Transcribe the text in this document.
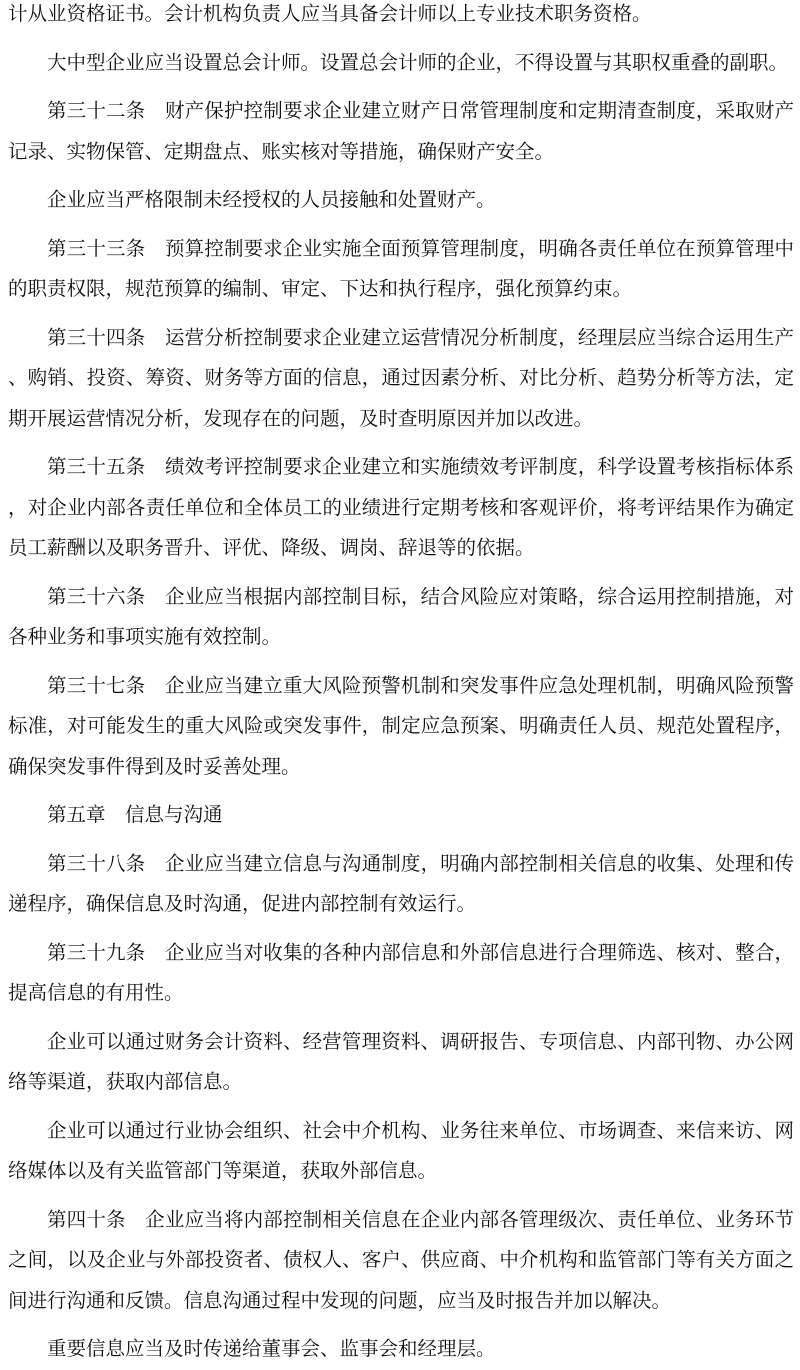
计从业资格证书。会计机构负责人应当具备会计师以上专业技术职务资格。

大中型企业应当设置总会计师。设置总会计师的企业，不得设置与其职权重叠的副职。

第三十二条　财产保护控制要求企业建立财产日常管理制度和定期清查制度，采取财产记录、实物保管、定期盘点、账实核对等措施，确保财产安全。

企业应当严格限制未经授权的人员接触和处置财产。

第三十三条　预算控制要求企业实施全面预算管理制度，明确各责任单位在预算管理中的职责权限，规范预算的编制、审定、下达和执行程序，强化预算约束。

第三十四条　运营分析控制要求企业建立运营情况分析制度，经理层应当综合运用生产、购销、投资、筹资、财务等方面的信息，通过因素分析、对比分析、趋势分析等方法，定期开展运营情况分析，发现存在的问题，及时查明原因并加以改进。

第三十五条　绩效考评控制要求企业建立和实施绩效考评制度，科学设置考核指标体系，对企业内部各责任单位和全体员工的业绩进行定期考核和客观评价，将考评结果作为确定员工薪酬以及职务晋升、评优、降级、调岗、辞退等的依据。

第三十六条　企业应当根据内部控制目标，结合风险应对策略，综合运用控制措施，对各种业务和事项实施有效控制。

第三十七条　企业应当建立重大风险预警机制和突发事件应急处理机制，明确风险预警标准，对可能发生的重大风险或突发事件，制定应急预案、明确责任人员、规范处置程序，确保突发事件得到及时妥善处理。

第五章　信息与沟通

第三十八条　企业应当建立信息与沟通制度，明确内部控制相关信息的收集、处理和传递程序，确保信息及时沟通，促进内部控制有效运行。

第三十九条　企业应当对收集的各种内部信息和外部信息进行合理筛选、核对、整合，提高信息的有用性。

企业可以通过财务会计资料、经营管理资料、调研报告、专项信息、内部刊物、办公网络等渠道，获取内部信息。

企业可以通过行业协会组织、社会中介机构、业务往来单位、市场调查、来信来访、网络媒体以及有关监管部门等渠道，获取外部信息。

第四十条　企业应当将内部控制相关信息在企业内部各管理级次、责任单位、业务环节之间，以及企业与外部投资者、债权人、客户、供应商、中介机构和监管部门等有关方面之间进行沟通和反馈。信息沟通过程中发现的问题，应当及时报告并加以解决。

重要信息应当及时传递给董事会、监事会和经理层。
